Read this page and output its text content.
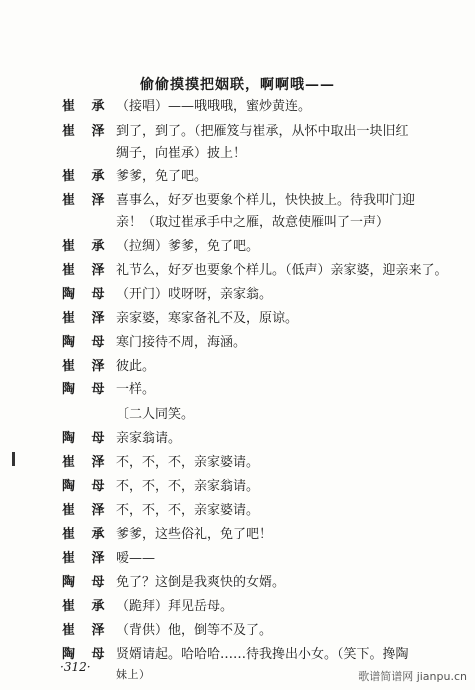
偷偷摸摸把姻联，啊啊哦——
崔 承 （接唱）——哦哦哦，蜜炒黄连。
崔 泽 到了，到了。（把雁笈与崔承，从怀中取出一块旧红
绸子，向崔承）披上！
崔 承 爹爹，免了吧。
崔 泽 喜事么，好歹也要象个样儿，快快披上。待我叩门迎
亲！（取过崔承手中之雁，故意使雁叫了一声）
崔 承 （拉绸）爹爹，免了吧。
崔 泽 礼节么，好歹也要象个样儿。（低声）亲家婆，迎亲来了。
陶 母 （开门）哎呀呀，亲家翁。
崔 泽 亲家婆，寒家备礼不及，原谅。
陶 母 寒门接待不周，海涵。
崔 泽 彼此。
陶 母 一样。
〔二人同笑。
陶 母 亲家翁请。
崔 泽 不，不，不，亲家婆请。
陶 母 不，不，不，亲家翁请。
崔 泽 不，不，不，亲家婆请。
崔 承 爹爹，这些俗礼，免了吧！
崔 泽 嗳——
陶 母 免了？这倒是我爽快的女婿。
崔 承 （跪拜）拜见岳母。
崔 泽 （背供）他，倒等不及了。
陶 母 贤婿请起。哈哈哈……待我搀出小女。（笑下。搀陶
妹上）
·312·
歌谱简谱网 jianpu.cn
